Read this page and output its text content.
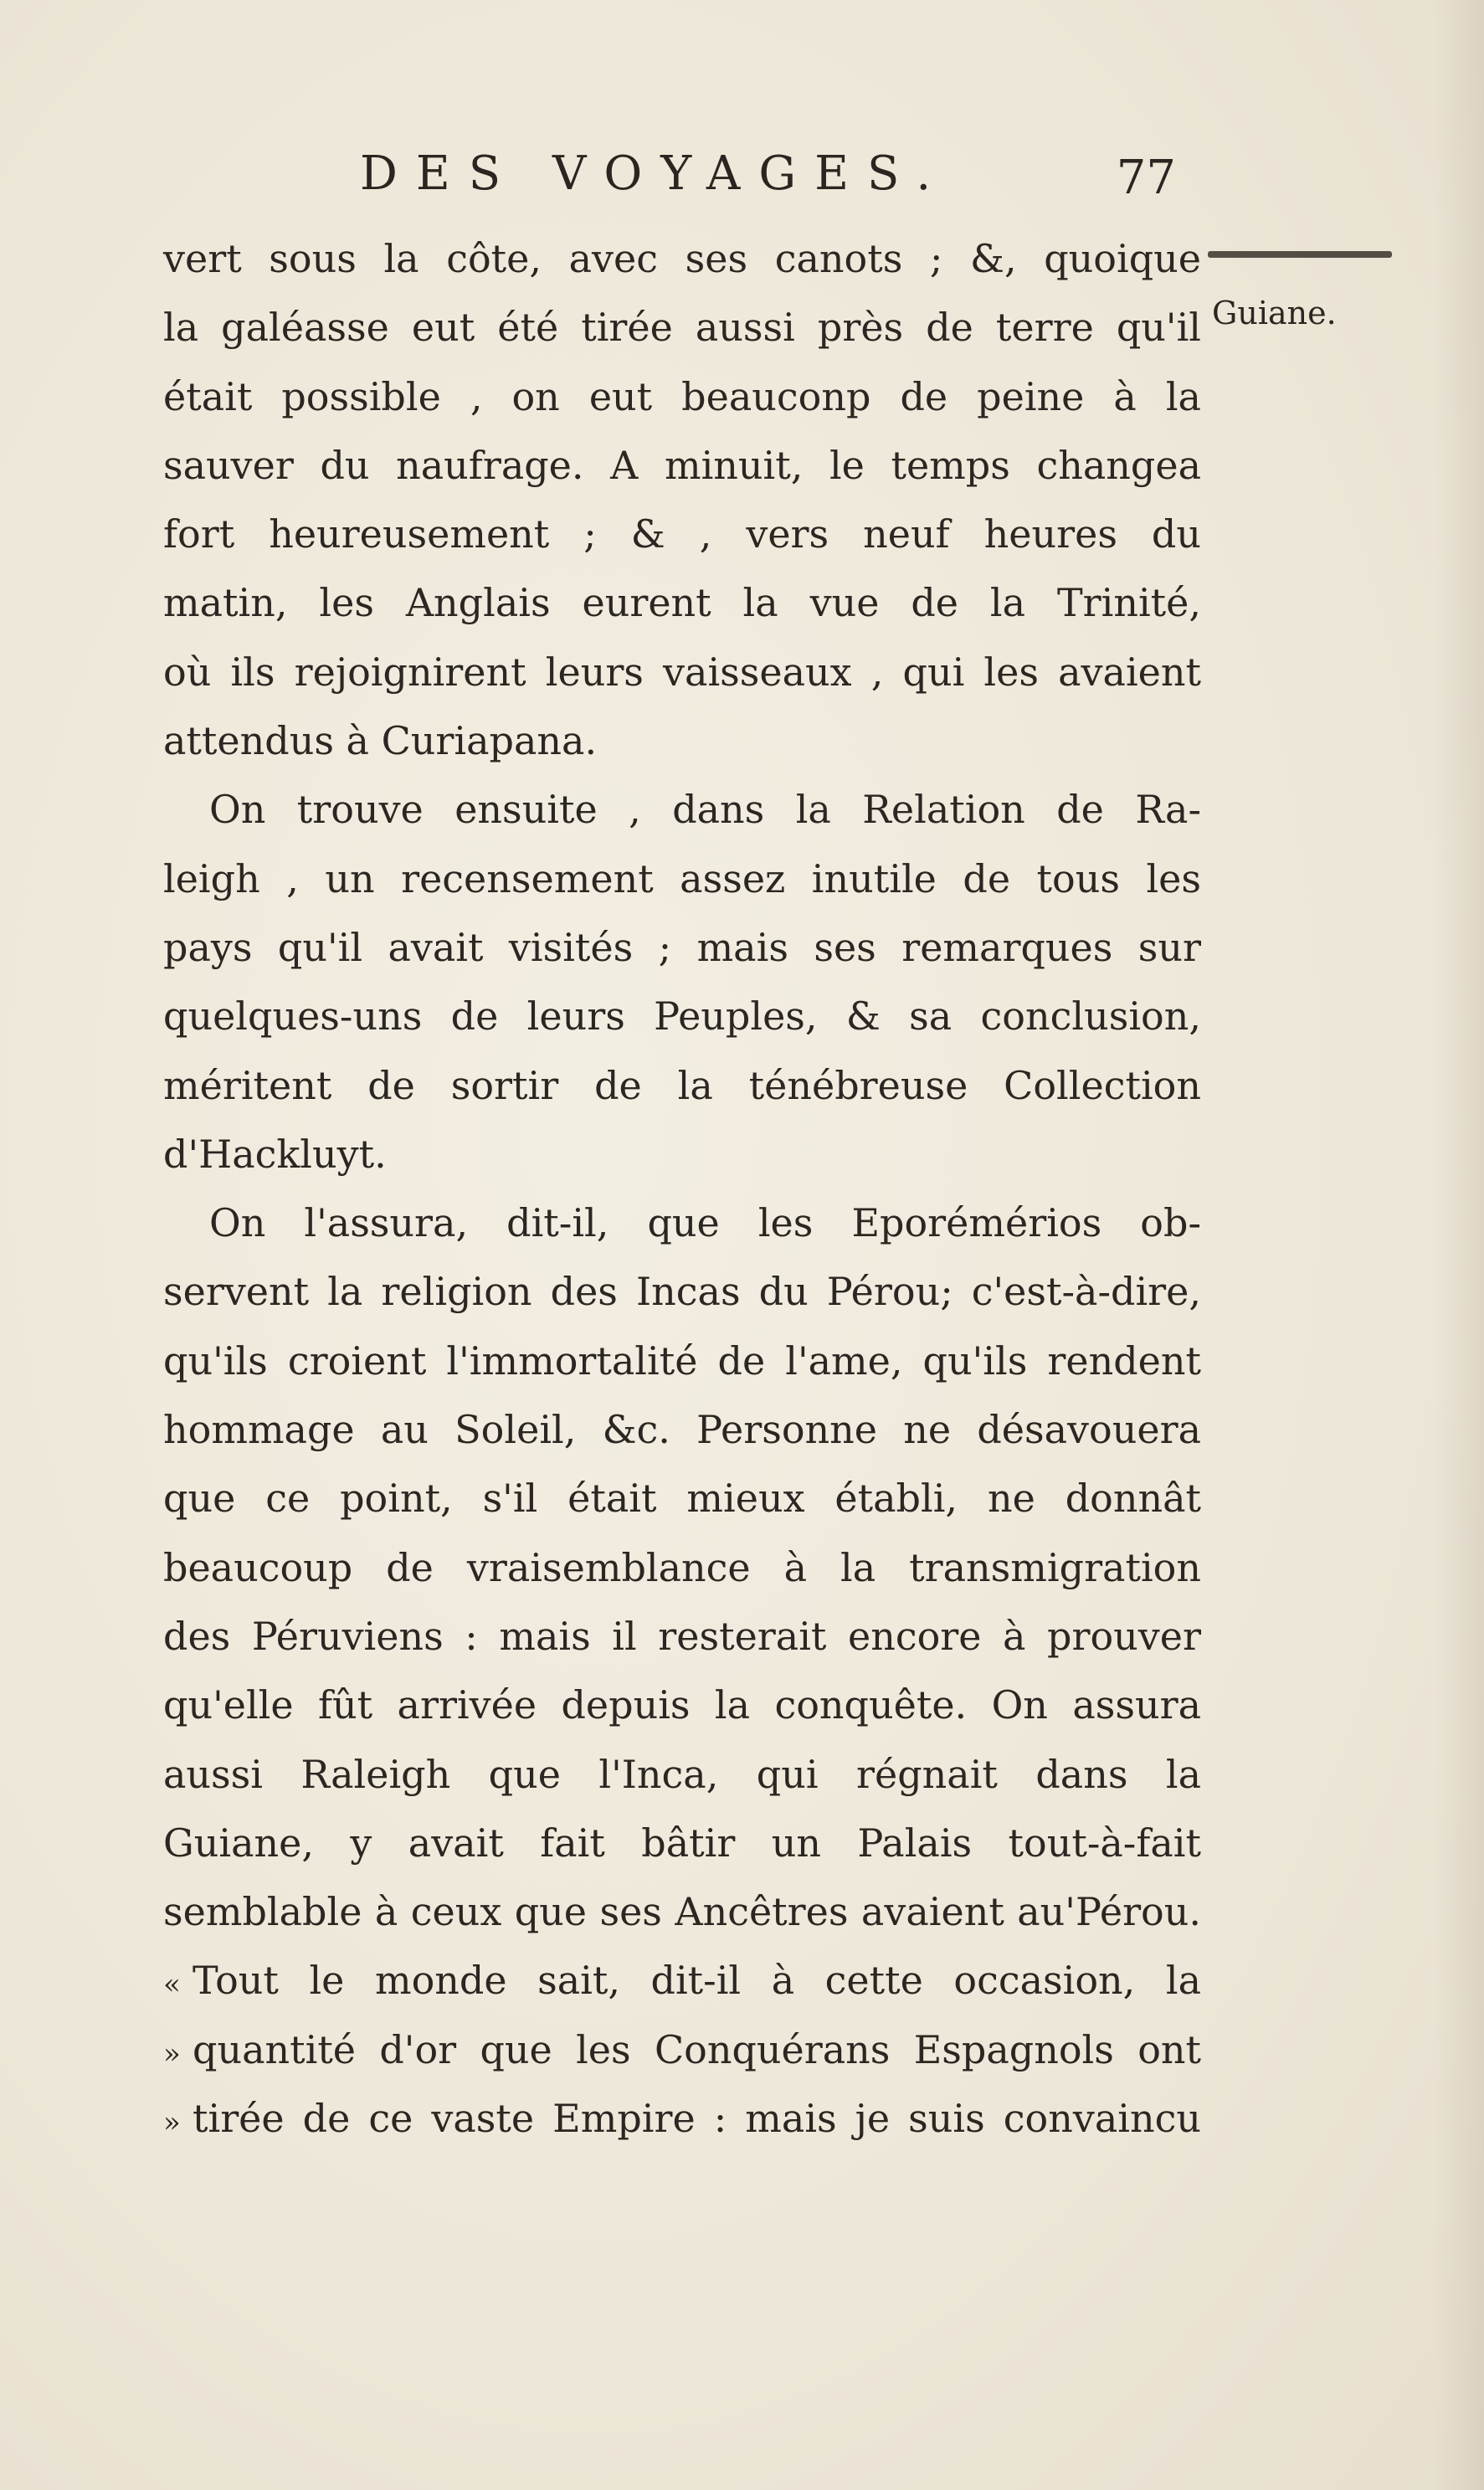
DES VOYAGES.	77
Guiane.
vert sous la côte, avec ses canots ; &, quoique
la galéasse eut été tirée aussi près de terre qu'il
était possible , on eut beauconp de peine à la
sauver du naufrage. A minuit, le temps changea
fort heureusement ; & , vers neuf heures du
matin, les Anglais eurent la vue de la Trinité,
où ils rejoignirent leurs vaisseaux , qui les avaient
attendus à Curiapana.
On trouve ensuite , dans la Relation de Ra-
leigh , un recensement assez inutile de tous les
pays qu'il avait visités ; mais ses remarques sur
quelques-uns de leurs Peuples, & sa conclusion,
méritent de sortir de la ténébreuse Collection
d'Hackluyt.
On l'assura, dit-il, que les Eporémérios ob-
servent la religion des Incas du Pérou; c'est-à-dire,
qu'ils croient l'immortalité de l'ame, qu'ils rendent
hommage au Soleil, &c. Personne ne désavouera
que ce point, s'il était mieux établi, ne donnât
beaucoup de vraisemblance à la transmigration
des Péruviens : mais il resterait encore à prouver
qu'elle fût arrivée depuis la conquête. On assura
aussi Raleigh que l'Inca, qui régnait dans la
Guiane, y avait fait bâtir un Palais tout-à-fait
semblable à ceux que ses Ancêtres avaient au'Pérou.
« Tout le monde sait, dit-il à cette occasion, la
» quantité d'or que les Conquérans Espagnols ont
» tirée de ce vaste Empire : mais je suis convaincu
